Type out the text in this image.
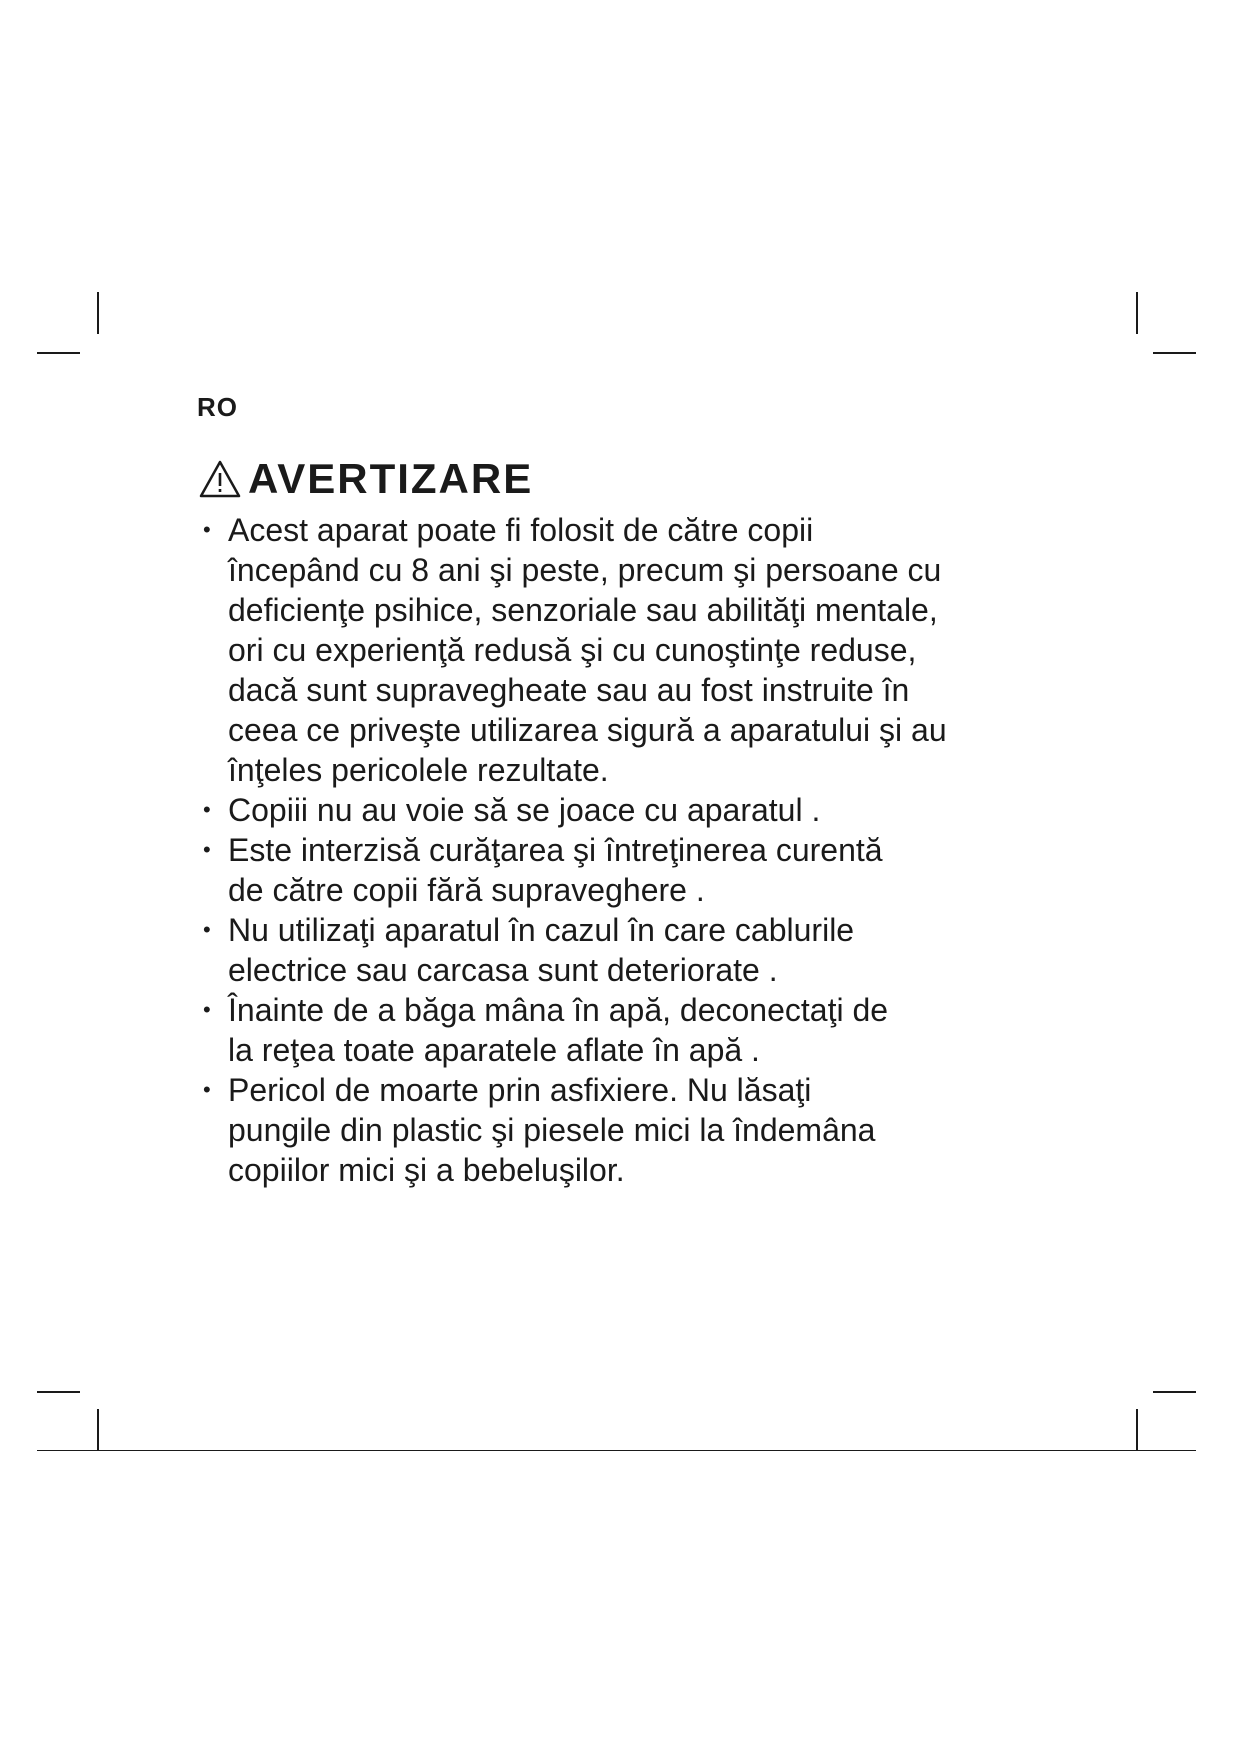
RO
AVERTIZARE
• Acest aparat poate fi folosit de către copii
începând cu 8 ani şi peste, precum şi persoane cu
deficienţe psihice, senzoriale sau abilităţi mentale,
ori cu experienţă redusă şi cu cunoştinţe reduse,
dacă sunt supravegheate sau au fost instruite în
ceea ce priveşte utilizarea sigură a aparatului şi au
înţeles pericolele rezultate.
• Copiii nu au voie să se joace cu aparatul .
• Este interzisă curăţarea şi întreţinerea curentă
de către copii fără supraveghere .
• Nu utilizaţi aparatul în cazul în care cablurile
electrice sau carcasa sunt deteriorate .
• Înainte de a băga mâna în apă, deconectaţi de
la reţea toate aparatele aflate în apă .
• Pericol de moarte prin asfixiere. Nu lăsaţi
pungile din plastic şi piesele mici la îndemâna
copiilor mici şi a bebeluşilor.
